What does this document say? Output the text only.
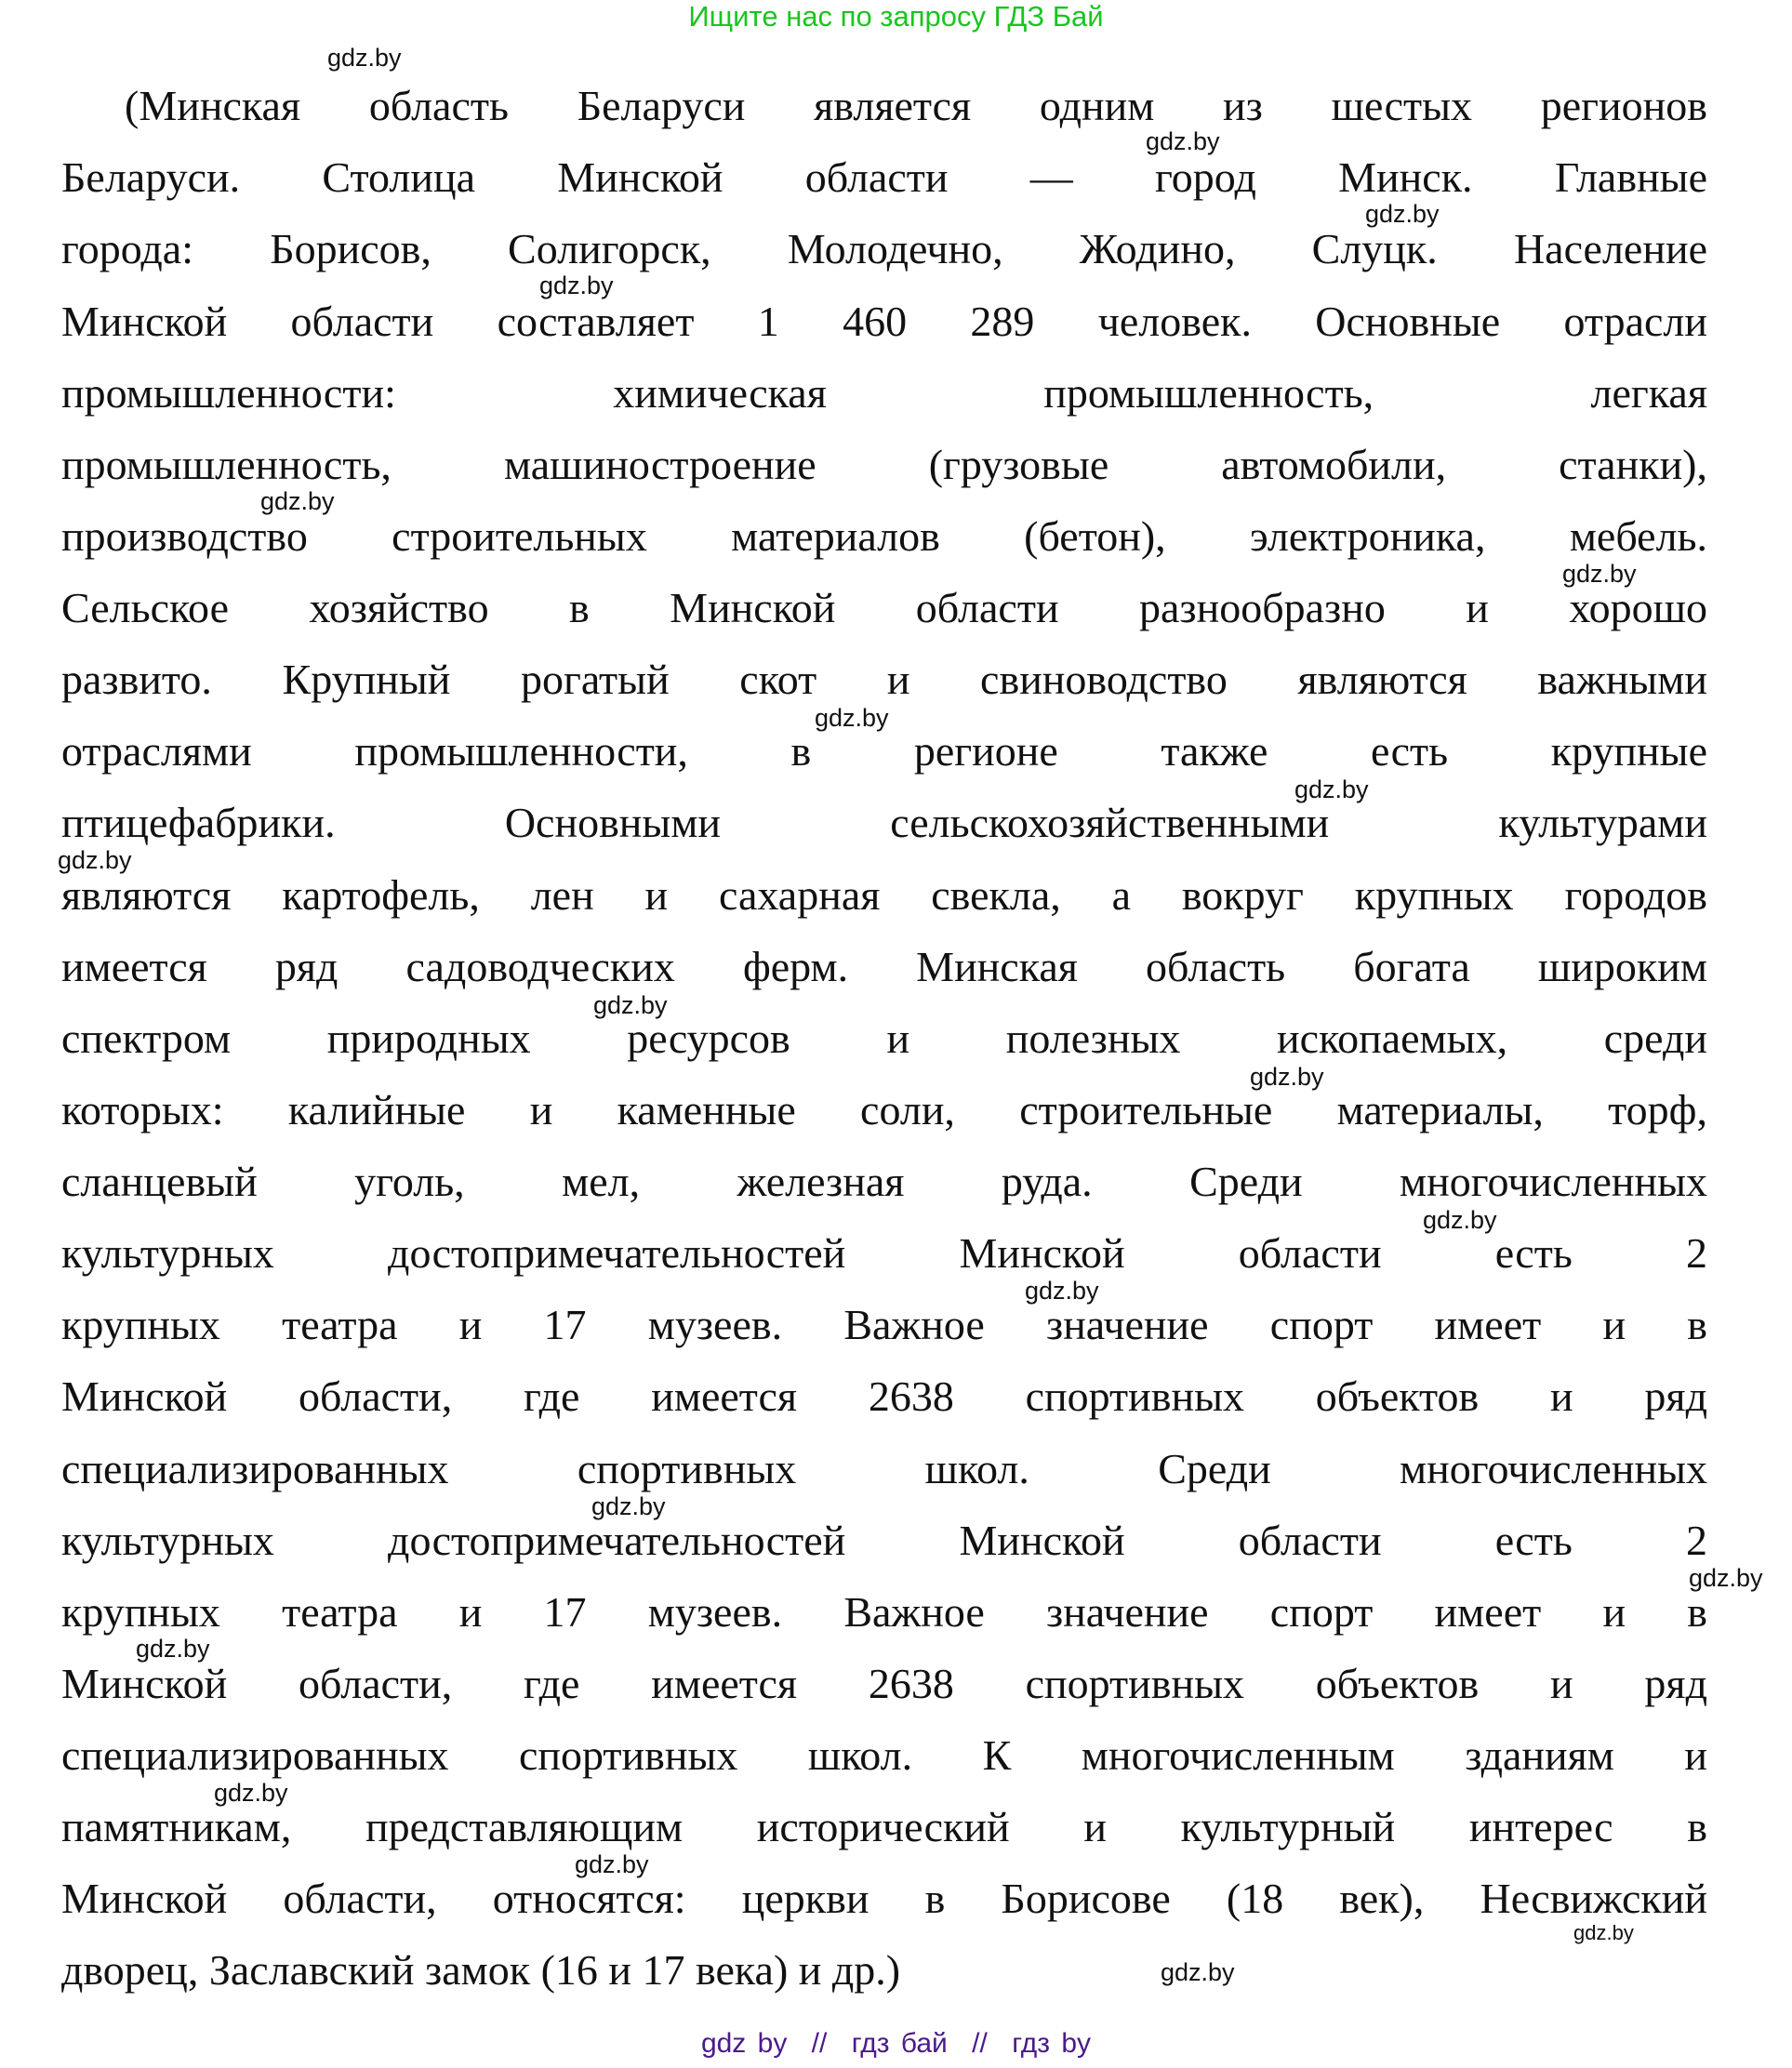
Ищите нас по запросу ГДЗ Бай
(Минская область Беларуси является одним из шестых регионов
Беларуси. Столица Минской области — город Минск. Главные
города: Борисов, Солигорск, Молодечно, Жодино, Слуцк. Население
Минской области составляет 1 460 289 человек. Основные отрасли
промышленности: химическая промышленность, легкая
промышленность, машиностроение (грузовые автомобили, станки),
производство строительных материалов (бетон), электроника, мебель.
Сельское хозяйство в Минской области разнообразно и хорошо
развито. Крупный рогатый скот и свиноводство являются важными
отраслями промышленности, в регионе также есть крупные
птицефабрики. Основными сельскохозяйственными культурами
являются картофель, лен и сахарная свекла, а вокруг крупных городов
имеется ряд садоводческих ферм. Минская область богата широким
спектром природных ресурсов и полезных ископаемых, среди
которых: калийные и каменные соли, строительные материалы, торф,
сланцевый уголь, мел, железная руда. Среди многочисленных
культурных достопримечательностей Минской области есть 2
крупных театра и 17 музеев. Важное значение спорт имеет и в
Минской области, где имеется 2638 спортивных объектов и ряд
специализированных спортивных школ. Среди многочисленных
культурных достопримечательностей Минской области есть 2
крупных театра и 17 музеев. Важное значение спорт имеет и в
Минской области, где имеется 2638 спортивных объектов и ряд
специализированных спортивных школ. К многочисленным зданиям и
памятникам, представляющим исторический и культурный интерес в
Минской области, относятся: церкви в Борисове (18 век), Несвижский
дворец, Заславский замок (16 и 17 века) и др.)
gdz.by
gdz.by
gdz.by
gdz.by
gdz.by
gdz.by
gdz.by
gdz.by
gdz.by
gdz.by
gdz.by
gdz.by
gdz.by
gdz.by
gdz.by
gdz.by
gdz.by
gdz.by
gdz.by
gdz.by
gdz by // гдз бай // гдз by
